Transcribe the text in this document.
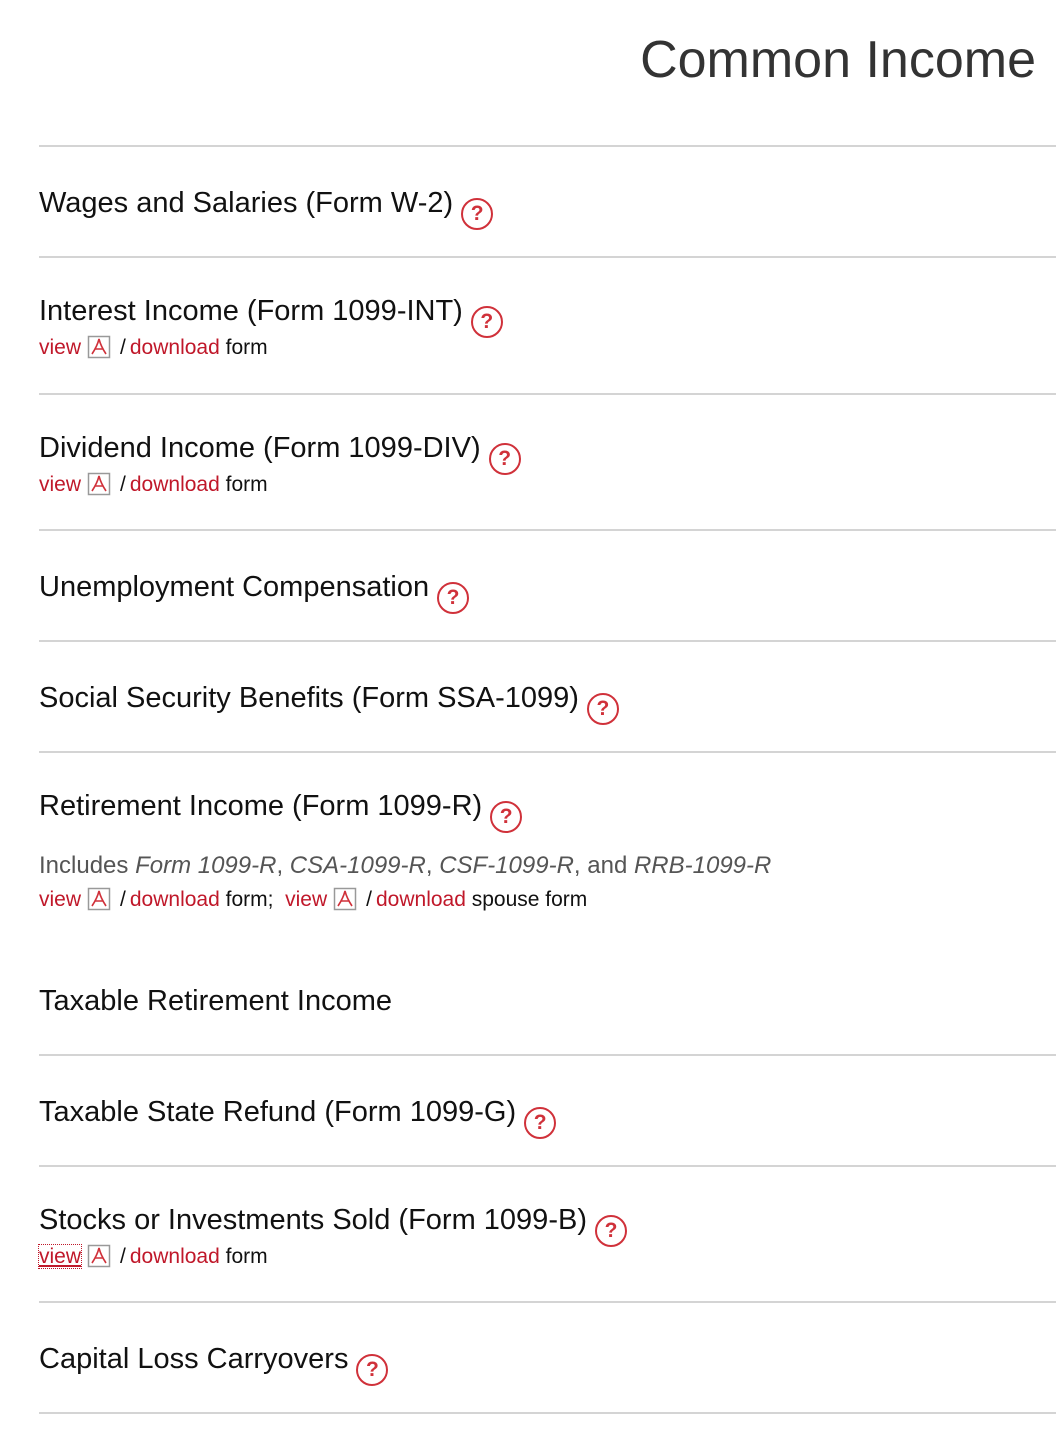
Common Income
Wages and Salaries (Form W-2) ?
Interest Income (Form 1099-INT) ?
view / download form
Dividend Income (Form 1099-DIV) ?
view / download form
Unemployment Compensation ?
Social Security Benefits (Form SSA-1099) ?
Retirement Income (Form 1099-R) ?
Includes Form 1099-R, CSA-1099-R, CSF-1099-R, and RRB-1099-R
view / download form; view / download spouse form
Taxable Retirement Income
Taxable State Refund (Form 1099-G) ?
Stocks or Investments Sold (Form 1099-B) ?
view / download form
Capital Loss Carryovers ?
